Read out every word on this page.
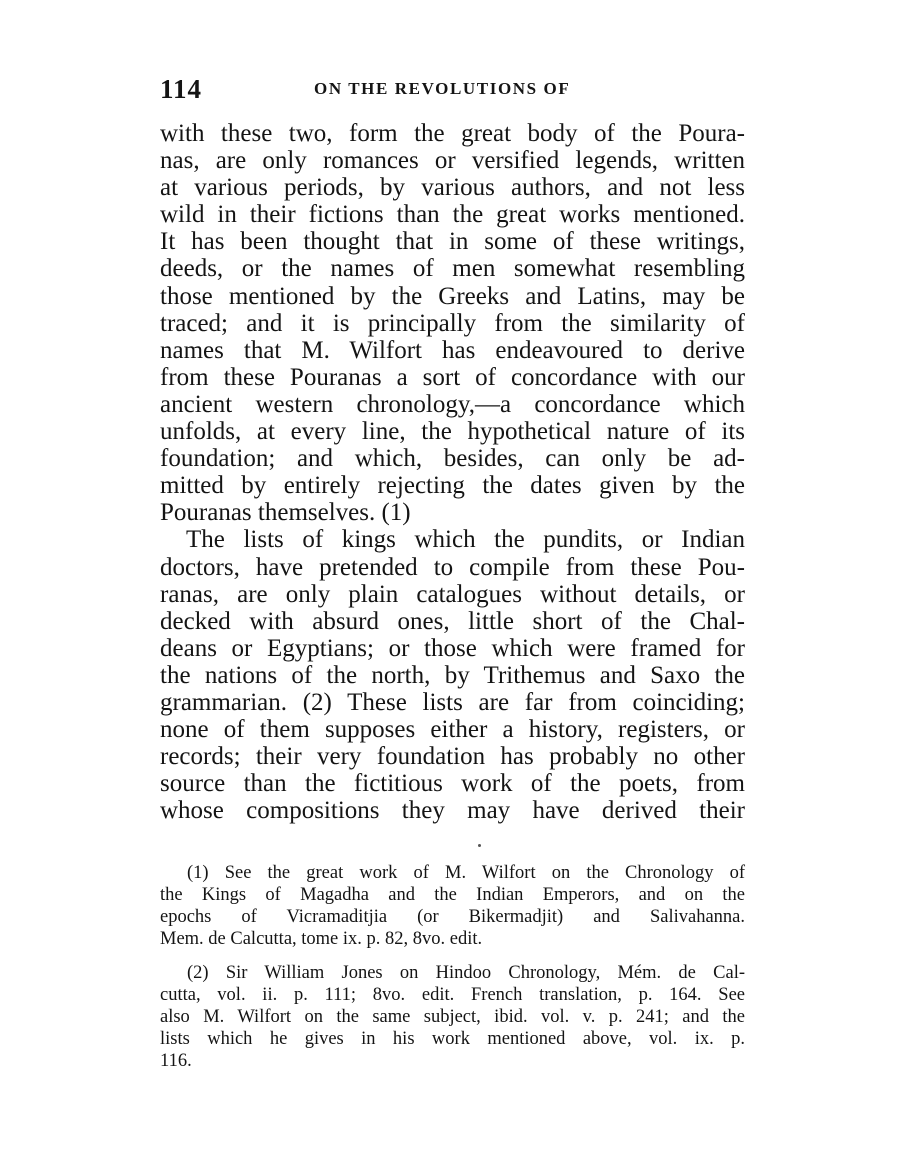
114	ON THE REVOLUTIONS OF
with these two, form the great body of the Poura-
nas, are only romances or versified legends, written
at various periods, by various authors, and not less
wild in their fictions than the great works mentioned.
It has been thought that in some of these writings,
deeds, or the names of men somewhat resembling
those mentioned by the Greeks and Latins, may be
traced; and it is principally from the similarity of
names that M. Wilfort has endeavoured to derive
from these Pouranas a sort of concordance with our
ancient western chronology,—a concordance which
unfolds, at every line, the hypothetical nature of its
foundation; and which, besides, can only be ad-
mitted by entirely rejecting the dates given by the
Pouranas themselves. (1)
The lists of kings which the pundits, or Indian
doctors, have pretended to compile from these Pou-
ranas, are only plain catalogues without details, or
decked with absurd ones, little short of the Chal-
deans or Egyptians; or those which were framed for
the nations of the north, by Trithemus and Saxo the
grammarian. (2) These lists are far from coinciding;
none of them supposes either a history, registers, or
records; their very foundation has probably no other
source than the fictitious work of the poets, from
whose compositions they may have derived their
(1) See the great work of M. Wilfort on the Chronology of
the Kings of Magadha and the Indian Emperors, and on the
epochs of Vicramaditjia (or Bikermadjit) and Salivahanna.
Mem. de Calcutta, tome ix. p. 82, 8vo. edit.
(2) Sir William Jones on Hindoo Chronology, Mém. de Cal-
cutta, vol. ii. p. 111; 8vo. edit. French translation, p. 164. See
also M. Wilfort on the same subject, ibid. vol. v. p. 241; and the
lists which he gives in his work mentioned above, vol. ix. p.
116.
